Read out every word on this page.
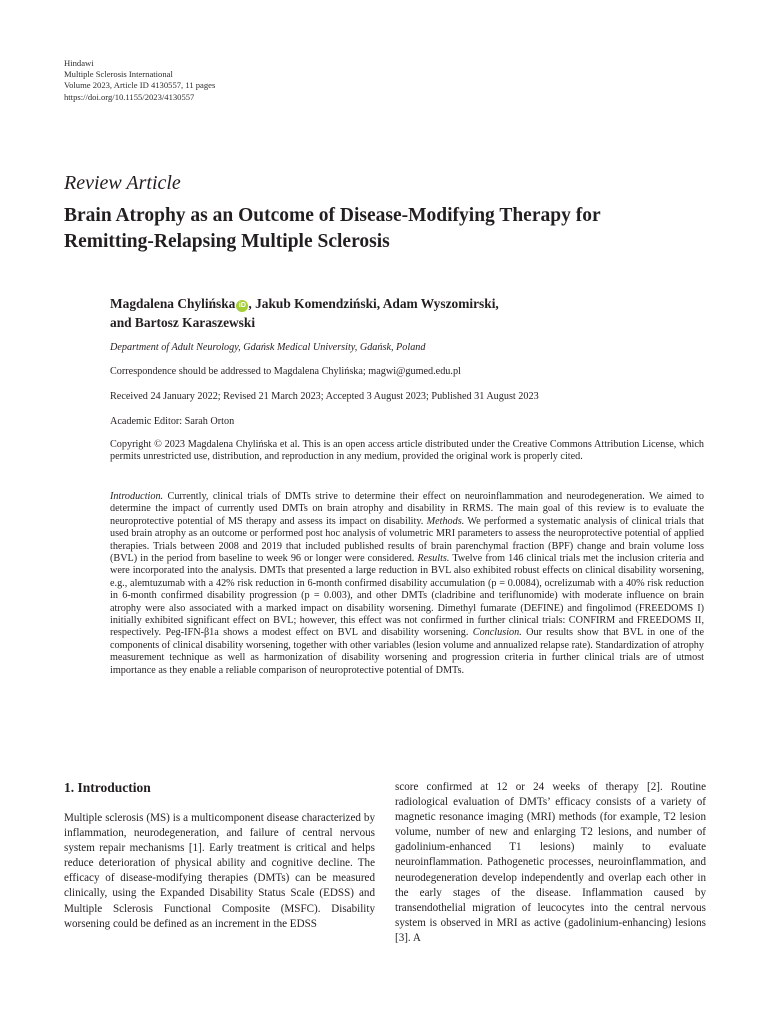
Hindawi
Multiple Sclerosis International
Volume 2023, Article ID 4130557, 11 pages
https://doi.org/10.1155/2023/4130557
Review Article
Brain Atrophy as an Outcome of Disease-Modifying Therapy for
Remitting-Relapsing Multiple Sclerosis
Magdalena Chylińska iD , Jakub Komendziński, Adam Wyszomirski,
and Bartosz Karaszewski
Department of Adult Neurology, Gdańsk Medical University, Gdańsk, Poland
Correspondence should be addressed to Magdalena Chylińska; magwi@gumed.edu.pl
Received 24 January 2022; Revised 21 March 2023; Accepted 3 August 2023; Published 31 August 2023
Academic Editor: Sarah Orton
Copyright © 2023 Magdalena Chylińska et al. This is an open access article distributed under the Creative Commons Attribution License, which permits unrestricted use, distribution, and reproduction in any medium, provided the original work is properly cited.
Introduction. Currently, clinical trials of DMTs strive to determine their effect on neuroinflammation and neurodegeneration. We aimed to determine the impact of currently used DMTs on brain atrophy and disability in RRMS. The main goal of this review is to evaluate the neuroprotective potential of MS therapy and assess its impact on disability. Methods. We performed a systematic analysis of clinical trials that used brain atrophy as an outcome or performed post hoc analysis of volumetric MRI parameters to assess the neuroprotective potential of applied therapies. Trials between 2008 and 2019 that included published results of brain parenchymal fraction (BPF) change and brain volume loss (BVL) in the period from baseline to week 96 or longer were considered. Results. Twelve from 146 clinical trials met the inclusion criteria and were incorporated into the analysis. DMTs that presented a large reduction in BVL also exhibited robust effects on clinical disability worsening, e.g., alemtuzumab with a 42% risk reduction in 6-month confirmed disability accumulation (p = 0.0084), ocrelizumab with a 40% risk reduction in 6-month confirmed disability progression (p = 0.003), and other DMTs (cladribine and teriflunomide) with moderate influence on brain atrophy were also associated with a marked impact on disability worsening. Dimethyl fumarate (DEFINE) and fingolimod (FREEDOMS I) initially exhibited significant effect on BVL; however, this effect was not confirmed in further clinical trials: CONFIRM and FREEDOMS II, respectively. Peg-IFN-β1a shows a modest effect on BVL and disability worsening. Conclusion. Our results show that BVL in one of the components of clinical disability worsening, together with other variables (lesion volume and annualized relapse rate). Standardization of atrophy measurement technique as well as harmonization of disability worsening and progression criteria in further clinical trials are of utmost importance as they enable a reliable comparison of neuroprotective potential of DMTs.
1. Introduction
Multiple sclerosis (MS) is a multicomponent disease characterized by inflammation, neurodegeneration, and failure of central nervous system repair mechanisms [1]. Early treatment is critical and helps reduce deterioration of physical ability and cognitive decline. The efficacy of disease-modifying therapies (DMTs) can be measured clinically, using the Expanded Disability Status Scale (EDSS) and Multiple Sclerosis Functional Composite (MSFC). Disability worsening could be defined as an increment in the EDSS
score confirmed at 12 or 24 weeks of therapy [2]. Routine radiological evaluation of DMTs’ efficacy consists of a variety of magnetic resonance imaging (MRI) methods (for example, T2 lesion volume, number of new and enlarging T2 lesions, and number of gadolinium-enhanced T1 lesions) mainly to evaluate neuroinflammation. Pathogenetic processes, neuroinflammation, and neurodegeneration develop independently and overlap each other in the early stages of the disease. Inflammation caused by transendothelial migration of leucocytes into the central nervous system is observed in MRI as active (gadolinium-enhancing) lesions [3]. A
